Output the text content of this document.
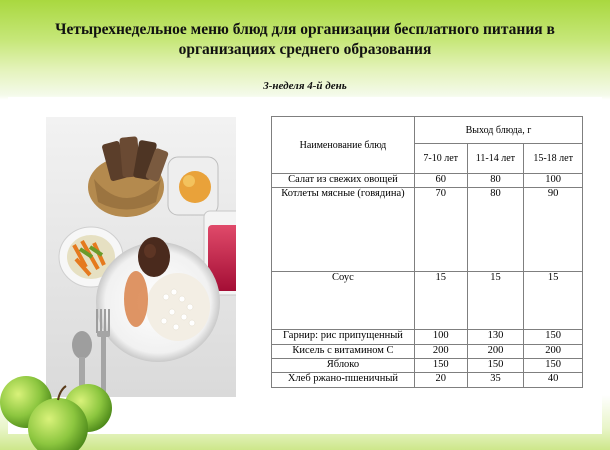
Четырехнедельное меню блюд для организации бесплатного питания в организациях среднего образования
3-неделя 4-й день
Наименование блюд	Выход блюда, г		
	7-10 лет	11-14 лет	15-18 лет
Салат из свежих овощей	60	80	100
Котлеты мясные (говядина)	70	80	90
Соус	15	15	15
Гарнир: рис припущенный	100	130	150
Кисель с витамином С	200	200	200
Яблоко	150	150	150
Хлеб ржано-пшеничный	20	35	40
